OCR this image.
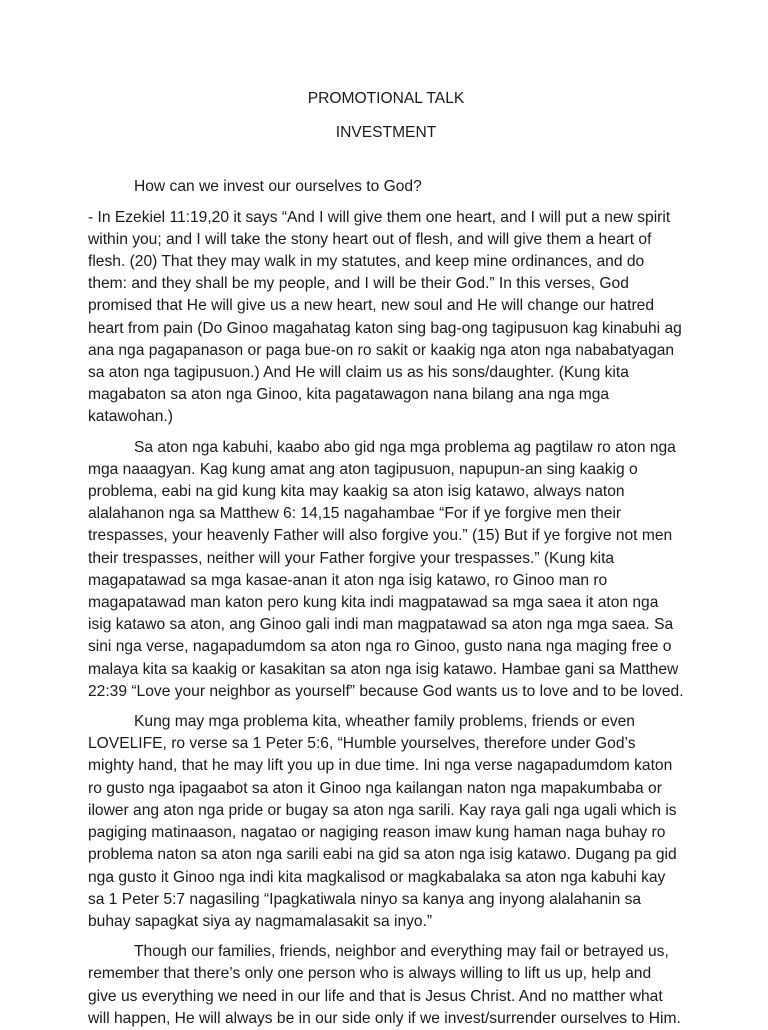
PROMOTIONAL TALK

INVESTMENT

How can we invest our ourselves to God?

- In Ezekiel 11:19,20 it says “And I will give them one heart, and I will put a new spirit within you; and I will take the stony heart out of flesh, and will give them a heart of flesh. (20) That they may walk in my statutes, and keep mine ordinances, and do them: and they shall be my people, and I will be their God.” In this verses, God promised that He will give us a new heart, new soul and He will change our hatred heart from pain (Do Ginoo magahatag katon sing bag-ong tagipusuon kag kinabuhi ag ana nga pagapanason or paga bue-on ro sakit or kaakig nga aton nga nababatyagan sa aton nga tagipusuon.) And He will claim us as his sons/daughter. (Kung kita magabaton sa aton nga Ginoo, kita pagatawagon nana bilang ana nga mga katawohan.)

Sa aton nga kabuhi, kaabo abo gid nga mga problema ag pagtilaw ro aton nga mga naaagyan. Kag kung amat ang aton tagipusuon, napupun-an sing kaakig o problema, eabi na gid kung kita may kaakig sa aton isig katawo, always naton alalahanon nga sa Matthew 6: 14,15 nagahambae “For if ye forgive men their trespasses, your heavenly Father will also forgive you.” (15) But if ye forgive not men their trespasses, neither will your Father forgive your trespasses.” (Kung kita magapatawad sa mga kasae-anan it aton nga isig katawo, ro Ginoo man ro magapatawad man katon pero kung kita indi magpatawad sa mga saea it aton nga isig katawo sa aton, ang Ginoo gali indi man magpatawad sa aton nga mga saea. Sa sini nga verse, nagapadumdom sa aton nga ro Ginoo, gusto nana nga maging free o malaya kita sa kaakig or kasakitan sa aton nga isig katawo. Hambae gani sa Matthew 22:39 “Love your neighbor as yourself” because God wants us to love and to be loved.

Kung may mga problema kita, wheather family problems, friends or even LOVELIFE, ro verse sa 1 Peter 5:6, “Humble yourselves, therefore under God’s mighty hand, that he may lift you up in due time. Ini nga verse nagapadumdom katon ro gusto nga ipagaabot sa aton it Ginoo nga kailangan naton nga mapakumbaba or ilower ang aton nga pride or bugay sa aton nga sarili. Kay raya gali nga ugali which is pagiging matinaason, nagatao or nagiging reason imaw kung haman naga buhay ro problema naton sa aton nga sarili eabi na gid sa aton nga isig katawo. Dugang pa gid nga gusto it Ginoo nga indi kita magkalisod or magkabalaka sa aton nga kabuhi kay sa 1 Peter 5:7 nagasiling “Ipagkatiwala ninyo sa kanya ang inyong alalahanin sa buhay sapagkat siya ay nagmamalasakit sa inyo.”

Though our families, friends, neighbor and everything may fail or betrayed us, remember that there’s only one person who is always willing to lift us up, help and give us everything we need in our life and that is Jesus Christ. And no matther what will happen, He will always be in our side only if we invest/surrender ourselves to Him.
